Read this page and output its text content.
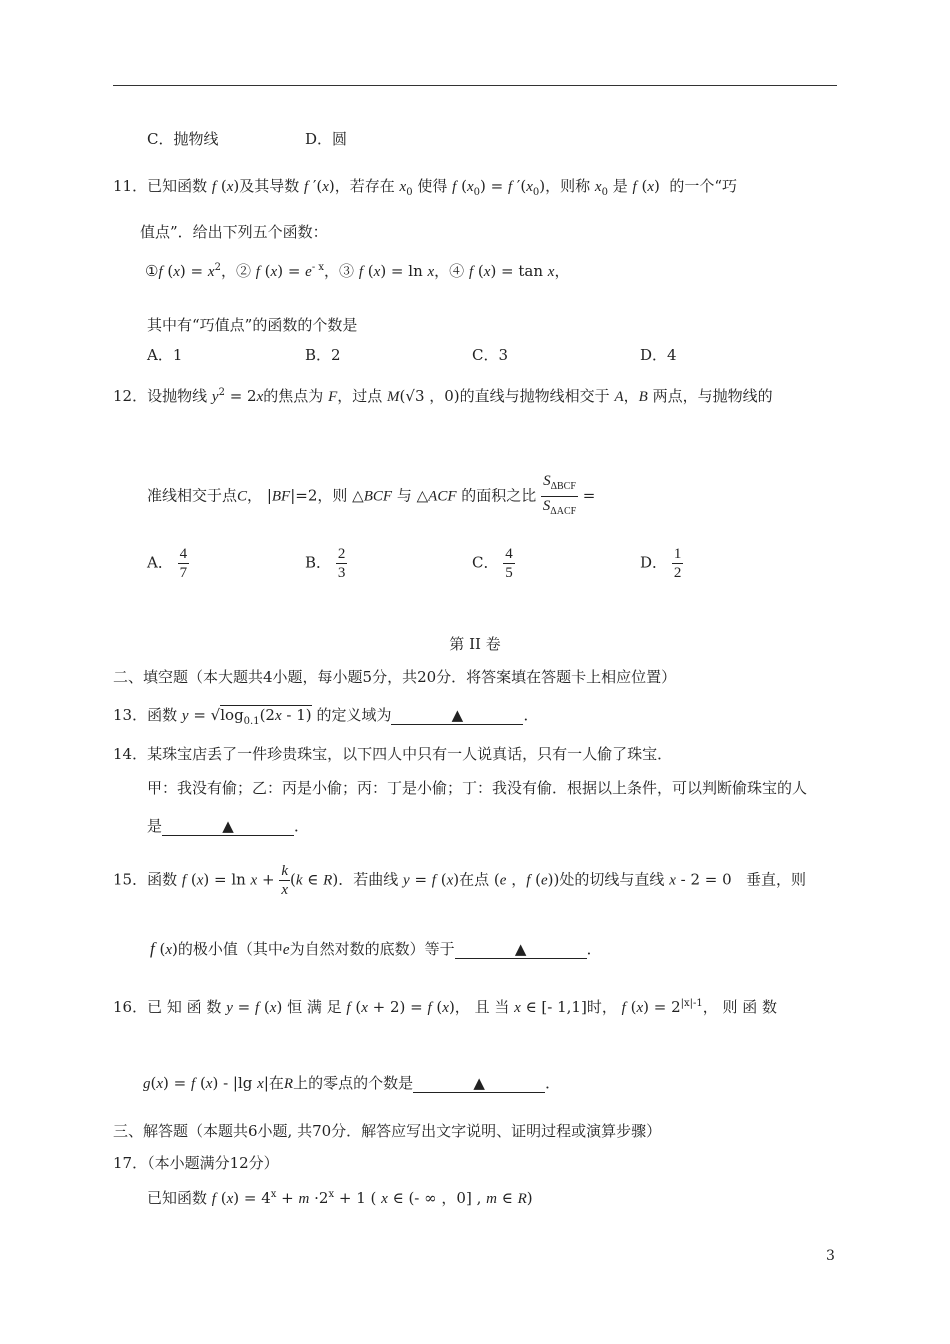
C．抛物线	D．圆
11．已知函数 f (x)及其导数 f ′(x)，若存在 $x_0$ 使得 f $(x_0) = f$ $'(x_0)$，则称 $x_0$ 是 f (x)  的一个“巧
值点”．给出下列五个函数：
①f $(x) = x^2$，② f $(x) = e^{- x}$，③ f (x) = ln x，④ f (x) = tan x，
其中有“巧值点”的函数的个数是
A．1	B．2	C．3	D．4
12．设抛物线 $y^2 = 2x$的焦点为 F，过点 M(√3 ，0)的直线与抛物线相交于 A，B 两点，与抛物线的
准线相交于点C， |BF|=2，则 △BCF 与 △ACF 的面积之比 $\frac{S_{\Delta BCF}}{S_{\Delta ACF}}$ =
A． $\frac{4}{7}$	B． $\frac{2}{3}$	C． $\frac{4}{5}$	D． $\frac{1}{2}$
第 II 卷
二、填空题（本大题共4小题，每小题5分，共20分．将答案填在答题卡上相应位置）
13．函数 $y = √\log_{0.1}(2x - 1)$ 的定义域为	▲	．
14．某珠宝店丢了一件珍贵珠宝，以下四人中只有一人说真话，只有一人偷了珠宝．
甲：我没有偷；乙：丙是小偷；丙：丁是小偷；丁：我没有偷．根据以上条件，可以判断偷珠宝的人
是	▲	．
15．函数 f $(x) = \ln x + \frac{k}{x} (k$ ∈ R)．若曲线 y = f (x)在点 (e ，f (e))处的切线与直线 x - 2 = 0   垂直，则
f (x)的极小值（其中e为自然对数的底数）等于	▲	．
16．已 知 函 数 y = f (x) 恒 满 足 f (x + 2) = f (x)， 且 当 x ∈ [- 1,1]时， f $(x) = 2^{|x|-1}$， 则 函 数
g(x) = f (x) - |lg x|在R上的零点的个数是	▲	．
三、解答题（本题共6小题, 共70分．解答应写出文字说明、证明过程或演算步骤）
17．（本小题满分12分）
已知函数 f $(x) = 4^x + m \cdot 2^x + 1$ ( x ∈ (- ∞ ，0] , m ∈ R)
3
